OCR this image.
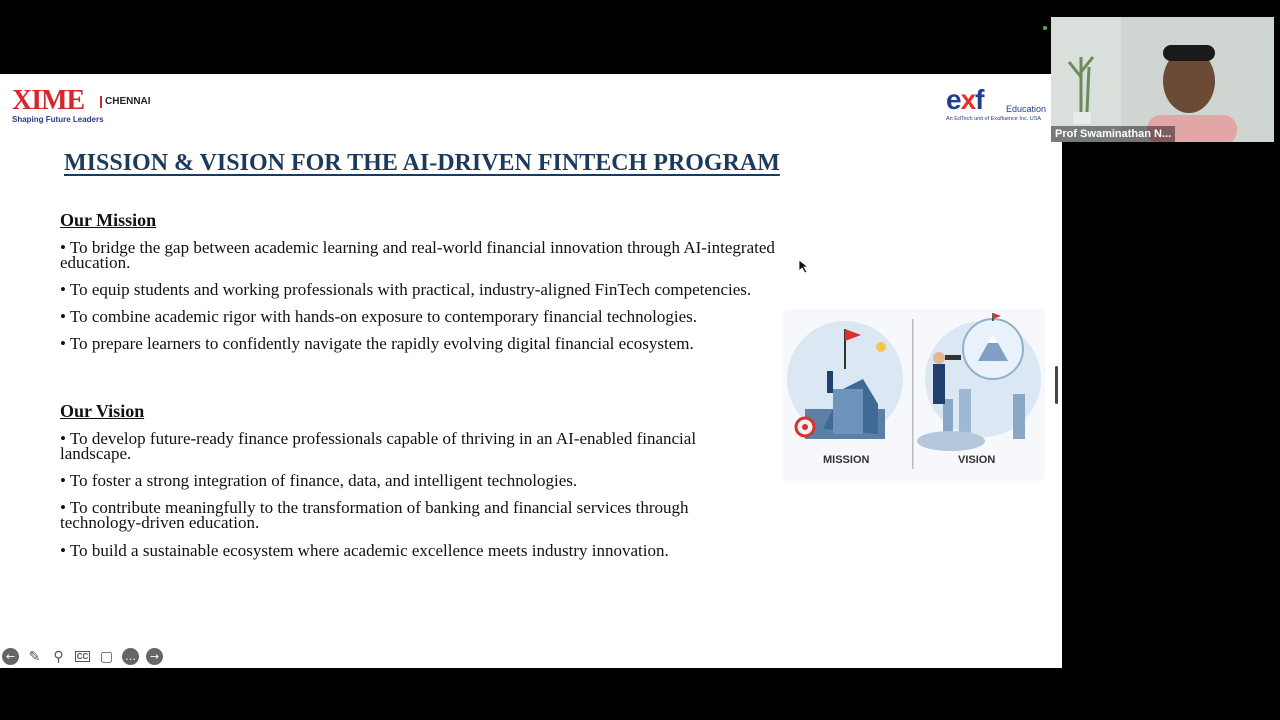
XIME	CHENNAI
Shaping Future Leaders
exf	Education
An EdTech unit of Exafluence Inc. USA
MISSION & VISION FOR THE AI-DRIVEN FINTECH PROGRAM
Our Mission
• To bridge the gap between academic learning and real-world financial innovation through AI-integrated education.
• To equip students and working professionals with practical, industry-aligned FinTech competencies.
• To combine academic rigor with hands-on exposure to contemporary financial technologies.
• To prepare learners to confidently navigate the rapidly evolving digital financial ecosystem.
Our Vision
• To develop future-ready finance professionals capable of thriving in an AI-enabled financial landscape.
• To foster a strong integration of finance, data, and intelligent technologies.
• To contribute meaningfully to the transformation of banking and financial services through technology-driven education.
• To build a sustainable ecosystem where academic excellence meets industry innovation.
MISSION	VISION
← ✎ ⚲	CC ▢ …	→
Prof Swaminathan N...
